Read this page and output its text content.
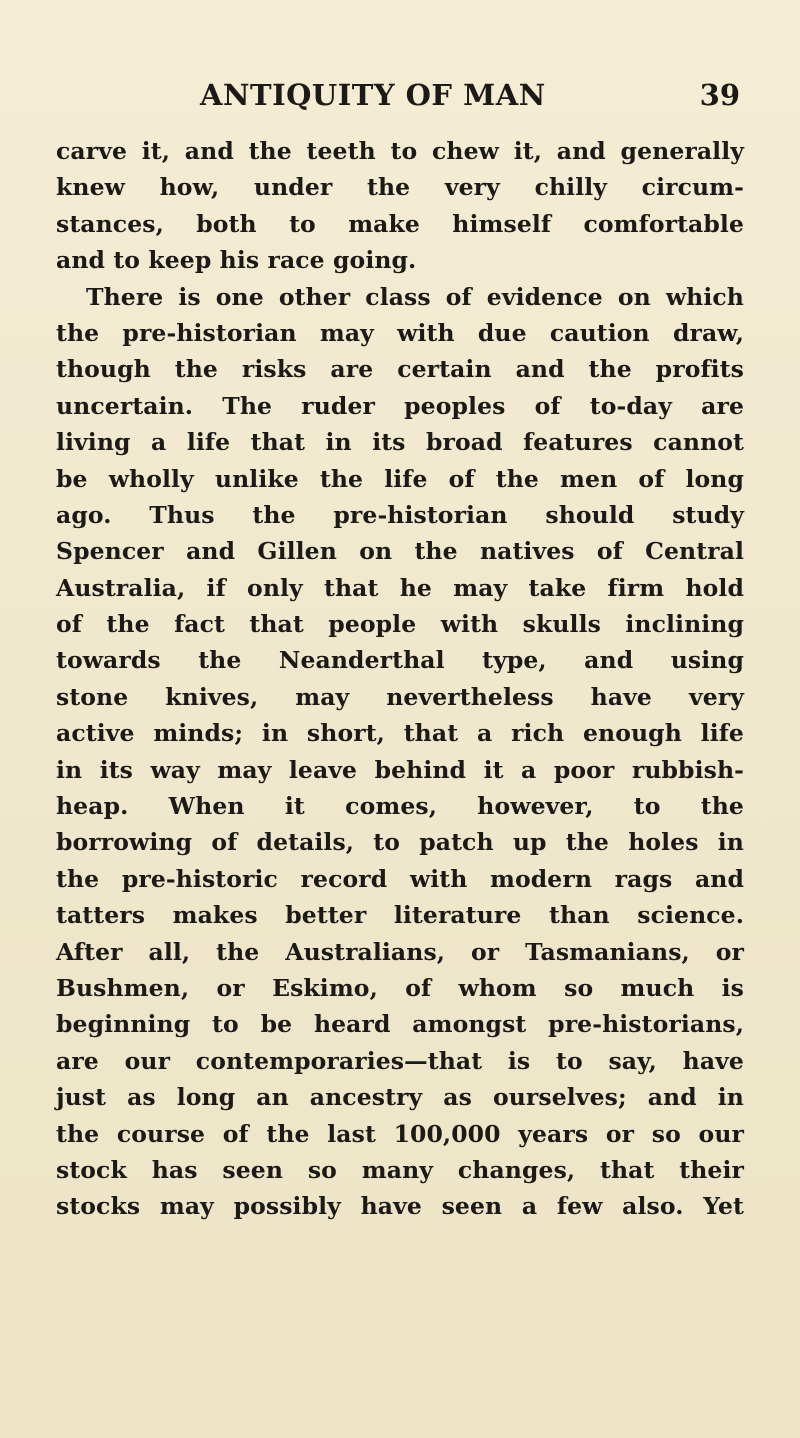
ANTIQUITY OF MAN	39
carve it, and the teeth to chew it, and generally
knew how, under the very chilly circum-
stances, both to make himself comfortable
and to keep his race going.
There is one other class of evidence on which
the pre-historian may with due caution draw,
though the risks are certain and the profits
uncertain. The ruder peoples of to-day are
living a life that in its broad features cannot
be wholly unlike the life of the men of long
ago. Thus the pre-historian should study
Spencer and Gillen on the natives of Central
Australia, if only that he may take firm hold
of the fact that people with skulls inclining
towards the Neanderthal type, and using
stone knives, may nevertheless have very
active minds; in short, that a rich enough life
in its way may leave behind it a poor rubbish-
heap. When it comes, however, to the
borrowing of details, to patch up the holes in
the pre-historic record with modern rags and
tatters makes better literature than science.
After all, the Australians, or Tasmanians, or
Bushmen, or Eskimo, of whom so much is
beginning to be heard amongst pre-historians,
are our contemporaries—that is to say, have
just as long an ancestry as ourselves; and in
the course of the last 100,000 years or so our
stock has seen so many changes, that their
stocks may possibly have seen a few also. Yet
